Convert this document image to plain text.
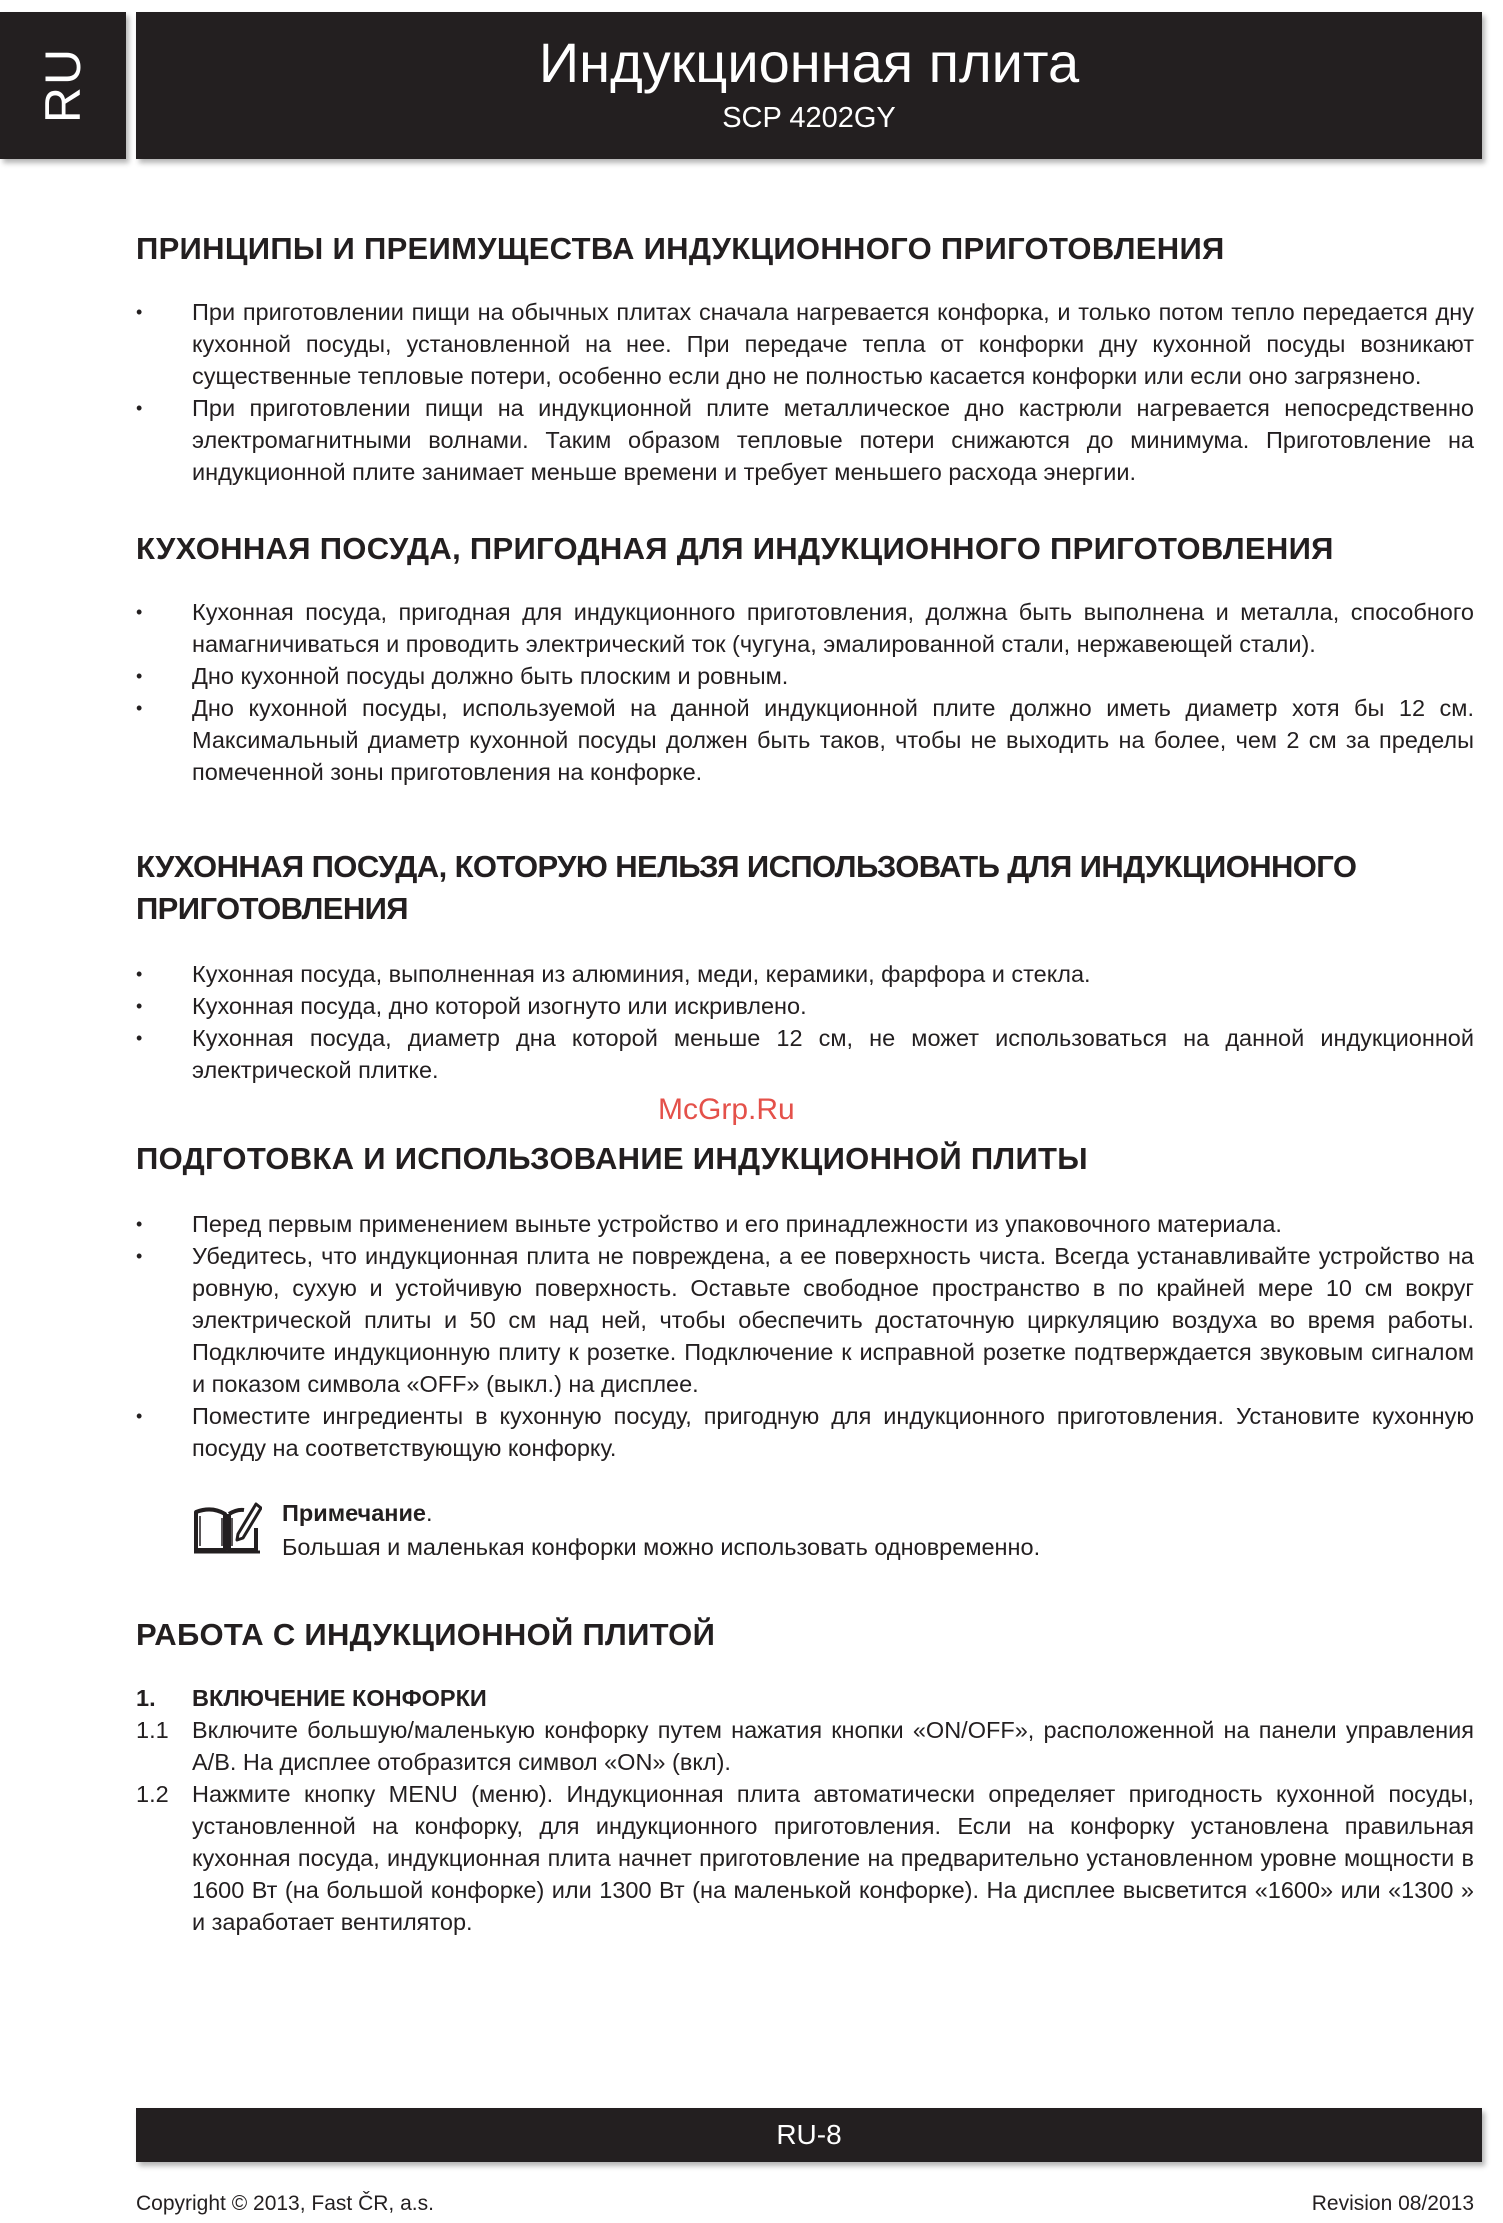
RU	Индукционная плита
SCP 4202GY
ПРИНЦИПЫ И ПРЕИМУЩЕСТВА ИНДУКЦИОННОГО ПРИГОТОВЛЕНИЯ
• При приготовлении пищи на обычных плитах сначала нагревается конфорка, и только потом тепло передается дну кухонной посуды, установленной на нее. При передаче тепла от конфорки дну кухонной посуды возникают существенные тепловые потери, особенно если дно не полностью касается конфорки или если оно загрязнено.
• При приготовлении пищи на индукционной плите металлическое дно кастрюли нагревается непосредственно электромагнитными волнами. Таким образом тепловые потери снижаются до минимума. Приготовление на индукционной плите занимает меньше времени и требует меньшего расхода энергии.
КУХОННАЯ ПОСУДА, ПРИГОДНАЯ ДЛЯ ИНДУКЦИОННОГО ПРИГОТОВЛЕНИЯ
• Кухонная посуда, пригодная для индукционного приготовления, должна быть выполнена и металла, способного намагничиваться и проводить электрический ток (чугуна, эмалированной стали, нержавеющей стали).
• Дно кухонной посуды должно быть плоским и ровным.
• Дно кухонной посуды, используемой на данной индукционной плите должно иметь диаметр хотя бы 12 см. Максимальный диаметр кухонной посуды должен быть таков, чтобы не выходить на более, чем 2 см за пределы помеченной зоны приготовления на конфорке.
КУХОННАЯ ПОСУДА, КОТОРУЮ НЕЛЬЗЯ ИСПОЛЬЗОВАТЬ ДЛЯ ИНДУКЦИОННОГО ПРИГОТОВЛЕНИЯ
• Кухонная посуда, выполненная из алюминия, меди, керамики, фарфора и стекла.
• Кухонная посуда, дно которой изогнуто или искривлено.
• Кухонная посуда, диаметр дна которой меньше 12 см, не может использоваться на данной индукционной электрической плитке.
ПОДГОТОВКА И ИСПОЛЬЗОВАНИЕ ИНДУКЦИОННОЙ ПЛИТЫ
• Перед первым применением выньте устройство и его принадлежности из упаковочного материала.
• Убедитесь, что индукционная плита не повреждена, а ее поверхность чиста. Всегда устанавливайте устройство на ровную, сухую и устойчивую поверхность. Оставьте свободное пространство в по крайней мере 10 см вокруг электрической плиты и 50 см над ней, чтобы обеспечить достаточную циркуляцию воздуха во время работы. Подключите индукционную плиту к розетке. Подключение к исправной розетке подтверждается звуковым сигналом и показом символа «OFF» (выкл.) на дисплее.
• Поместите ингредиенты в кухонную посуду, пригодную для индукционного приготовления. Установите кухонную посуду на соответствующую конфорку.
Примечание.
Большая и маленькая конфорки можно использовать одновременно.
РАБОТА С ИНДУКЦИОННОЙ ПЛИТОЙ
1. ВКЛЮЧЕНИЕ КОНФОРКИ
1.1 Включите большую/маленькую конфорку путем нажатия кнопки «ON/OFF», расположенной на панели управления A/B. На дисплее отобразится символ «ON» (вкл).
1.2 Нажмите кнопку MENU (меню). Индукционная плита автоматически определяет пригодность кухонной посуды, установленной на конфорку, для индукционного приготовления. Если на конфорку установлена правильная кухонная посуда, индукционная плита начнет приготовление на предварительно установленном уровне мощности в 1600 Вт (на большой конфорке) или 1300 Вт (на маленькой конфорке). На дисплее высветится «1600» или «1300 » и заработает вентилятор.
McGrp.Ru
RU-8
Copyright © 2013, Fast ČR, a.s.	Revision 08/2013
